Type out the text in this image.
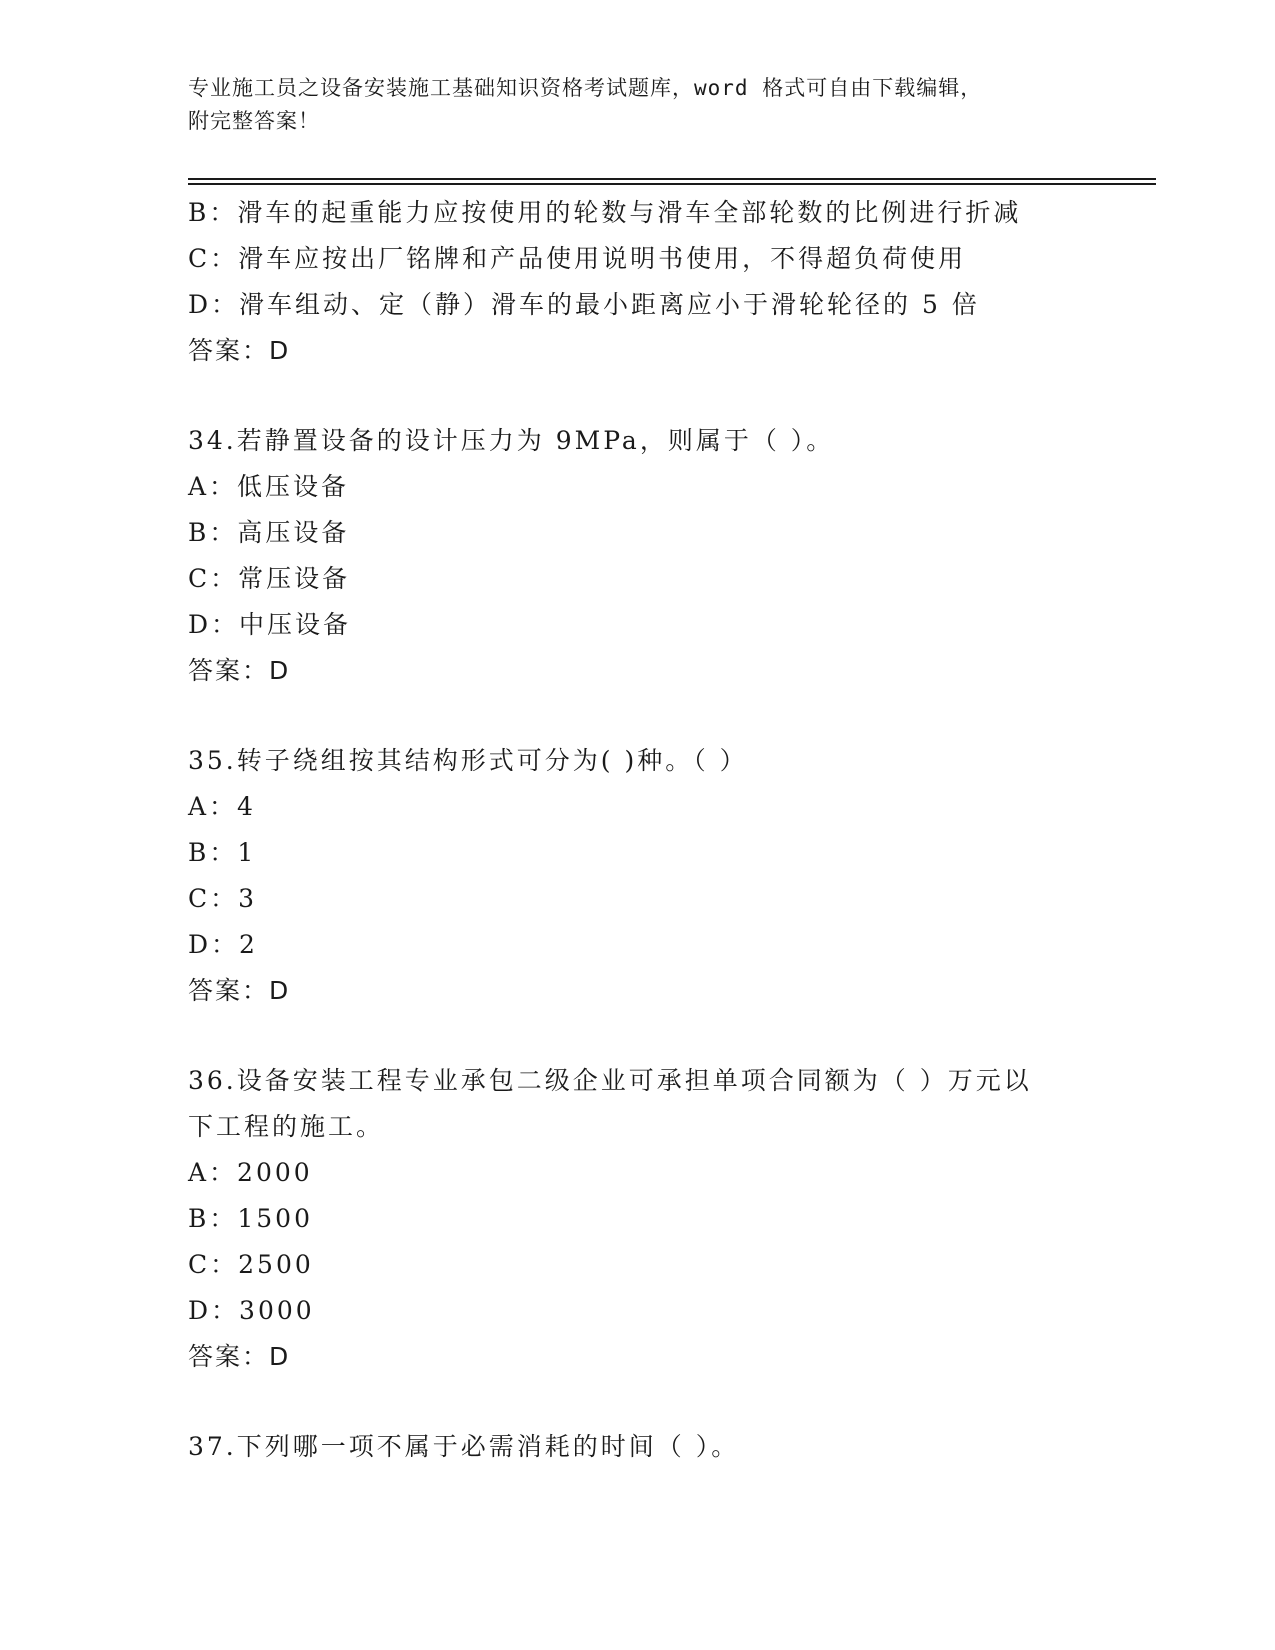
专业施工员之设备安装施工基础知识资格考试题库，word 格式可自由下载编辑，
附完整答案！
B：滑车的起重能力应按使用的轮数与滑车全部轮数的比例进行折减
C：滑车应按出厂铭牌和产品使用说明书使用，不得超负荷使用
D：滑车组动、定（静）滑车的最小距离应小于滑轮轮径的 5 倍
答案：D
34.若静置设备的设计压力为 9MPa，则属于（ ）。
A：低压设备
B：高压设备
C：常压设备
D：中压设备
答案：D
35.转子绕组按其结构形式可分为( )种。（ ）
A：4
B：1
C：3
D：2
答案：D
36.设备安装工程专业承包二级企业可承担单项合同额为（ ）万元以
下工程的施工。
A：2000
B：1500
C：2500
D：3000
答案：D
37.下列哪一项不属于必需消耗的时间（ ）。
